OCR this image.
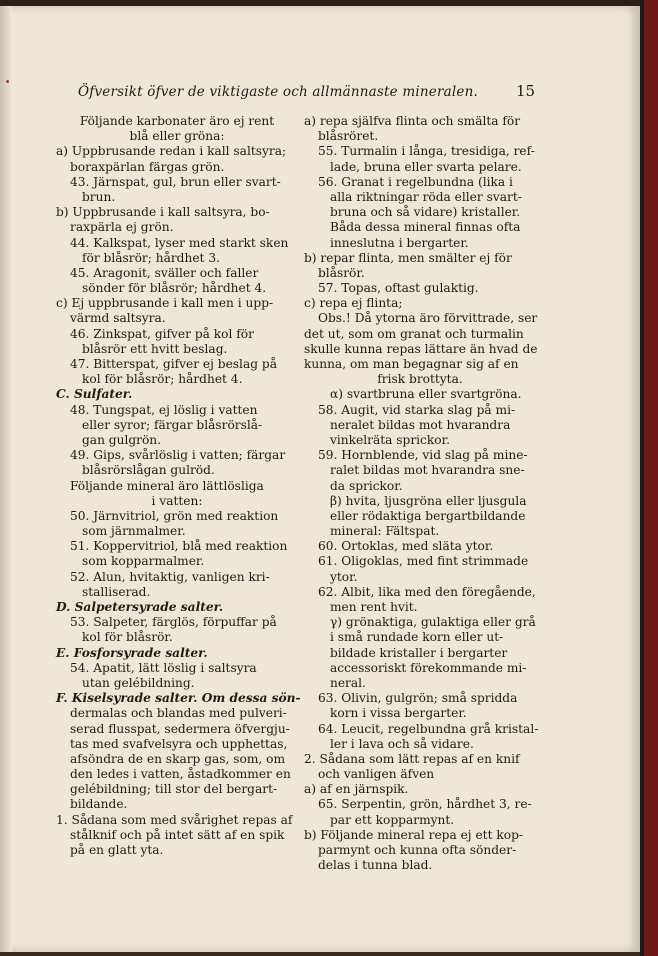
Öfversikt öfver de viktigaste och allmännaste mineralen.	15
Följande karbonater äro ej rent
blå eller gröna:
a) Uppbrusande redan i kall saltsyra;
boraxpärlan färgas grön.
43. Järnspat, gul, brun eller svart-
brun.
b) Uppbrusande i kall saltsyra, bo-
raxpärla ej grön.
44. Kalkspat, lyser med starkt sken
för blåsrör; hårdhet 3.
45. Aragonit, sväller och faller
sönder för blåsrör; hårdhet 4.
c) Ej uppbrusande i kall men i upp-
värmd saltsyra.
46. Zinkspat, gifver på kol för
blåsrör ett hvitt beslag.
47. Bitterspat, gifver ej beslag på
kol för blåsrör; hårdhet 4.
C. Sulfater.
48. Tungspat, ej löslig i vatten
eller syror; färgar blåsrörslå-
gan gulgrön.
49. Gips, svårlöslig i vatten; färgar
blåsrörslågan gulröd.
Följande mineral äro lättlösliga
i vatten:
50. Järnvitriol, grön med reaktion
som järnmalmer.
51. Koppervitriol, blå med reaktion
som kopparmalmer.
52. Alun, hvitaktig, vanligen kri-
stalliserad.
D. Salpetersyrade salter.
53. Salpeter, färglös, förpuffar på
kol för blåsrör.
E. Fosforsyrade salter.
54. Apatit, lätt löslig i saltsyra
utan gelébildning.
F. Kiselsyrade salter. Om dessa sön-
dermalas och blandas med pulveri-
serad flusspat, sedermera öfvergju-
tas med svafvelsyra och upphettas,
afsöndra de en skarp gas, som, om
den ledes i vatten, åstadkommer en
gelébildning; till stor del bergart-
bildande.
1. Sådana som med svårighet repas af
stålknif och på intet sätt af en spik
på en glatt yta.
a) repa själfva flinta och smälta för
blåsröret.
55. Turmalin i långa, tresidiga, ref-
lade, bruna eller svarta pelare.
56. Granat i regelbundna (lika i
alla riktningar röda eller svart-
bruna och så vidare) kristaller.
Båda dessa mineral finnas ofta
inneslutna i bergarter.
b) repar flinta, men smälter ej för
blåsrör.
57. Topas, oftast gulaktig.
c) repa ej flinta;
Obs.! Då ytorna äro förvittrade, ser
det ut, som om granat och turmalin
skulle kunna repas lättare än hvad de
kunna, om man begagnar sig af en
frisk brottyta.
α) svartbruna eller svartgröna.
58. Augit, vid starka slag på mi-
neralet bildas mot hvarandra
vinkelräta sprickor.
59. Hornblende, vid slag på mine-
ralet bildas mot hvarandra sne-
da sprickor.
β) hvita, ljusgröna eller ljusgula
eller rödaktiga bergartbildande
mineral: Fältspat.
60. Ortoklas, med släta ytor.
61. Oligoklas, med fint strimmade
ytor.
62. Albit, lika med den föregående,
men rent hvit.
γ) grönaktiga, gulaktiga eller grå
i små rundade korn eller ut-
bildade kristaller i bergarter
accessoriskt förekommande mi-
neral.
63. Olivin, gulgrön; små spridda
korn i vissa bergarter.
64. Leucit, regelbundna grå kristal-
ler i lava och så vidare.
2. Sådana som lätt repas af en knif
och vanligen äfven
a) af en järnspik.
65. Serpentin, grön, hårdhet 3, re-
par ett kopparmynt.
b) Följande mineral repa ej ett kop-
parmynt och kunna ofta sönder-
delas i tunna blad.
